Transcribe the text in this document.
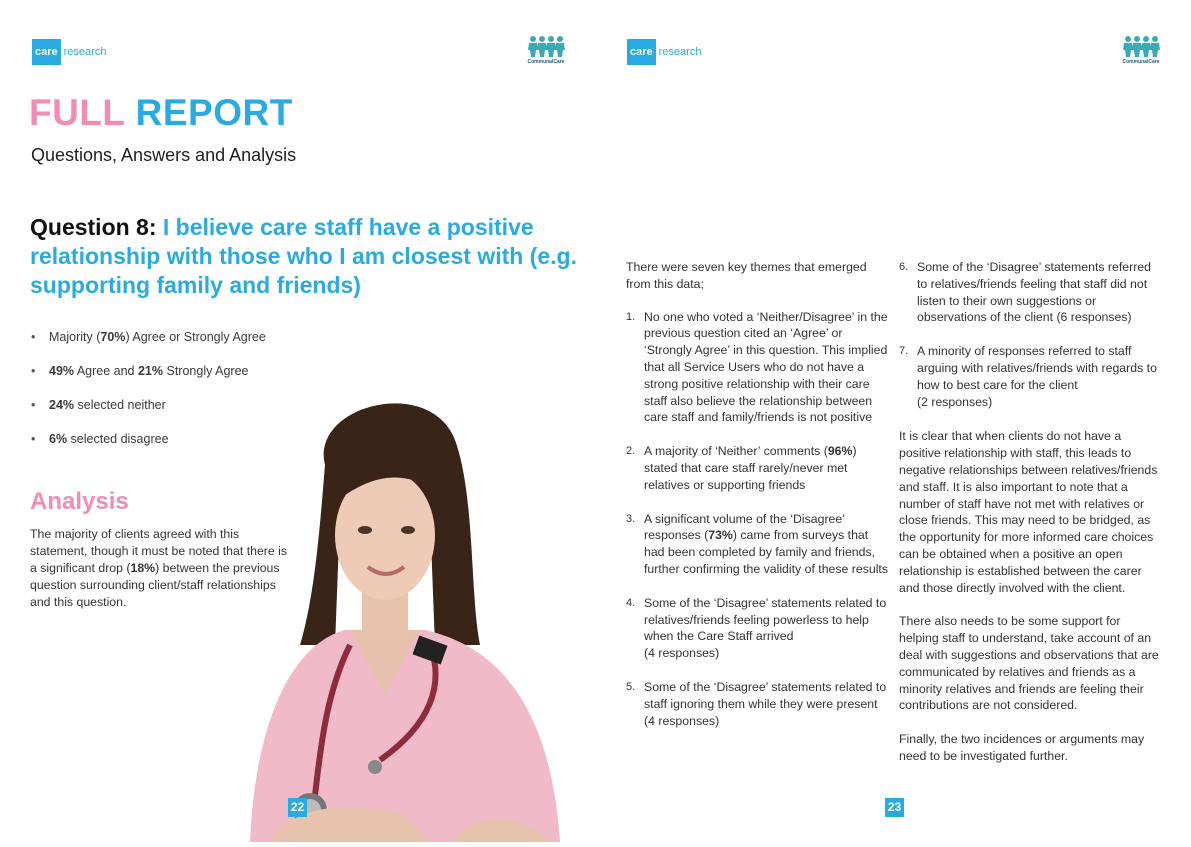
care research
CommunalCare
FULL REPORT
Questions, Answers and Analysis
Question 8: I believe care staff have a positive relationship with those who I am closest with (e.g. supporting family and friends)
• Majority (70%) Agree or Strongly Agree
• 49% Agree and 21% Strongly Agree
• 24% selected neither
• 6% selected disagree
Analysis

The majority of clients agreed with this statement, though it must be noted that there is a significant drop (18%) between the previous question surrounding client/staff relationships and this question.

22
care research
CommunalCare

There were seven key themes that emerged from this data;

1. No one who voted a ‘Neither/Disagree’ in the previous question cited an ‘Agree’ or ‘Strongly Agree’ in this question. This implied that all Service Users who do not have a strong positive relationship with their care staff also believe the relationship between care staff and family/friends is not positive
2. A majority of ‘Neither’ comments (96%) stated that care staff rarely/never met relatives or supporting friends
3. A significant volume of the ‘Disagree’ responses (73%) came from surveys that had been completed by family and friends, further confirming the validity of these results
4. Some of the ‘Disagree’ statements related to relatives/friends feeling powerless to help when the Care Staff arrived
(4 responses)
5. Some of the ‘Disagree’ statements related to staff ignoring them while they were present (4 responses)
6. Some of the ‘Disagree’ statements referred to relatives/friends feeling that staff did not listen to their own suggestions or observations of the client (6 responses)
7. A minority of responses referred to staff arguing with relatives/friends with regards to how to best care for the client
(2 responses)

It is clear that when clients do not have a positive relationship with staff, this leads to negative relationships between relatives/friends and staff. It is also important to note that a number of staff have not met with relatives or close friends. This may need to be bridged, as the opportunity for more informed care choices can be obtained when a positive an open relationship is established between the carer and those directly involved with the client.

There also needs to be some support for helping staff to understand, take account of an deal with suggestions and observations that are communicated by relatives and friends as a minority relatives and friends are feeling their contributions are not considered.

Finally, the two incidences or arguments may need to be investigated further.

23
